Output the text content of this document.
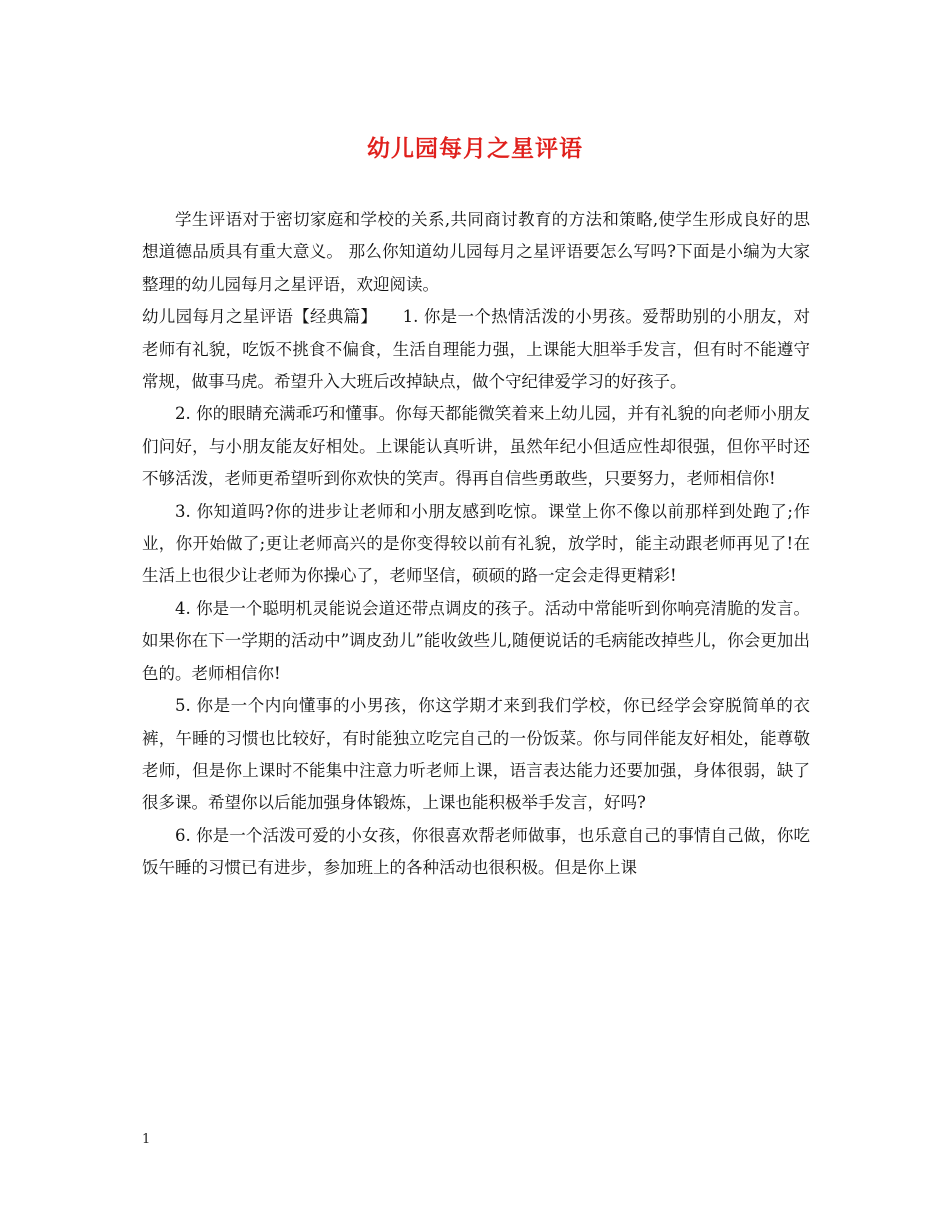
幼儿园每月之星评语

学生评语对于密切家庭和学校的关系,共同商讨教育的方法和策略,使学生形成良好的思想道德品质具有重大意义。 那么你知道幼儿园每月之星评语要怎么写吗?下面是小编为大家整理的幼儿园每月之星评语，欢迎阅读。

幼儿园每月之星评语【经典篇】　　1. 你是一个热情活泼的小男孩。爱帮助别的小朋友，对老师有礼貌，吃饭不挑食不偏食，生活自理能力强，上课能大胆举手发言，但有时不能遵守常规，做事马虎。希望升入大班后改掉缺点，做个守纪律爱学习的好孩子。

2. 你的眼睛充满乖巧和懂事。你每天都能微笑着来上幼儿园，并有礼貌的向老师小朋友们问好，与小朋友能友好相处。上课能认真听讲，虽然年纪小但适应性却很强，但你平时还不够活泼，老师更希望听到你欢快的笑声。得再自信些勇敢些，只要努力，老师相信你!

3. 你知道吗?你的进步让老师和小朋友感到吃惊。课堂上你不像以前那样到处跑了;作业，你开始做了;更让老师高兴的是你变得较以前有礼貌，放学时，能主动跟老师再见了!在生活上也很少让老师为你操心了，老师坚信，硕硕的路一定会走得更精彩!

4. 你是一个聪明机灵能说会道还带点调皮的孩子。活动中常能听到你响亮清脆的发言。如果你在下一学期的活动中”调皮劲儿”能收敛些儿,随便说话的毛病能改掉些儿，你会更加出色的。老师相信你!

5. 你是一个内向懂事的小男孩，你这学期才来到我们学校，你已经学会穿脱简单的衣裤，午睡的习惯也比较好，有时能独立吃完自己的一份饭菜。你与同伴能友好相处，能尊敬老师，但是你上课时不能集中注意力听老师上课，语言表达能力还要加强，身体很弱，缺了很多课。希望你以后能加强身体锻炼，上课也能积极举手发言，好吗?

6. 你是一个活泼可爱的小女孩，你很喜欢帮老师做事，也乐意自己的事情自己做，你吃饭午睡的习惯已有进步，参加班上的各种活动也很积极。但是你上课

1
